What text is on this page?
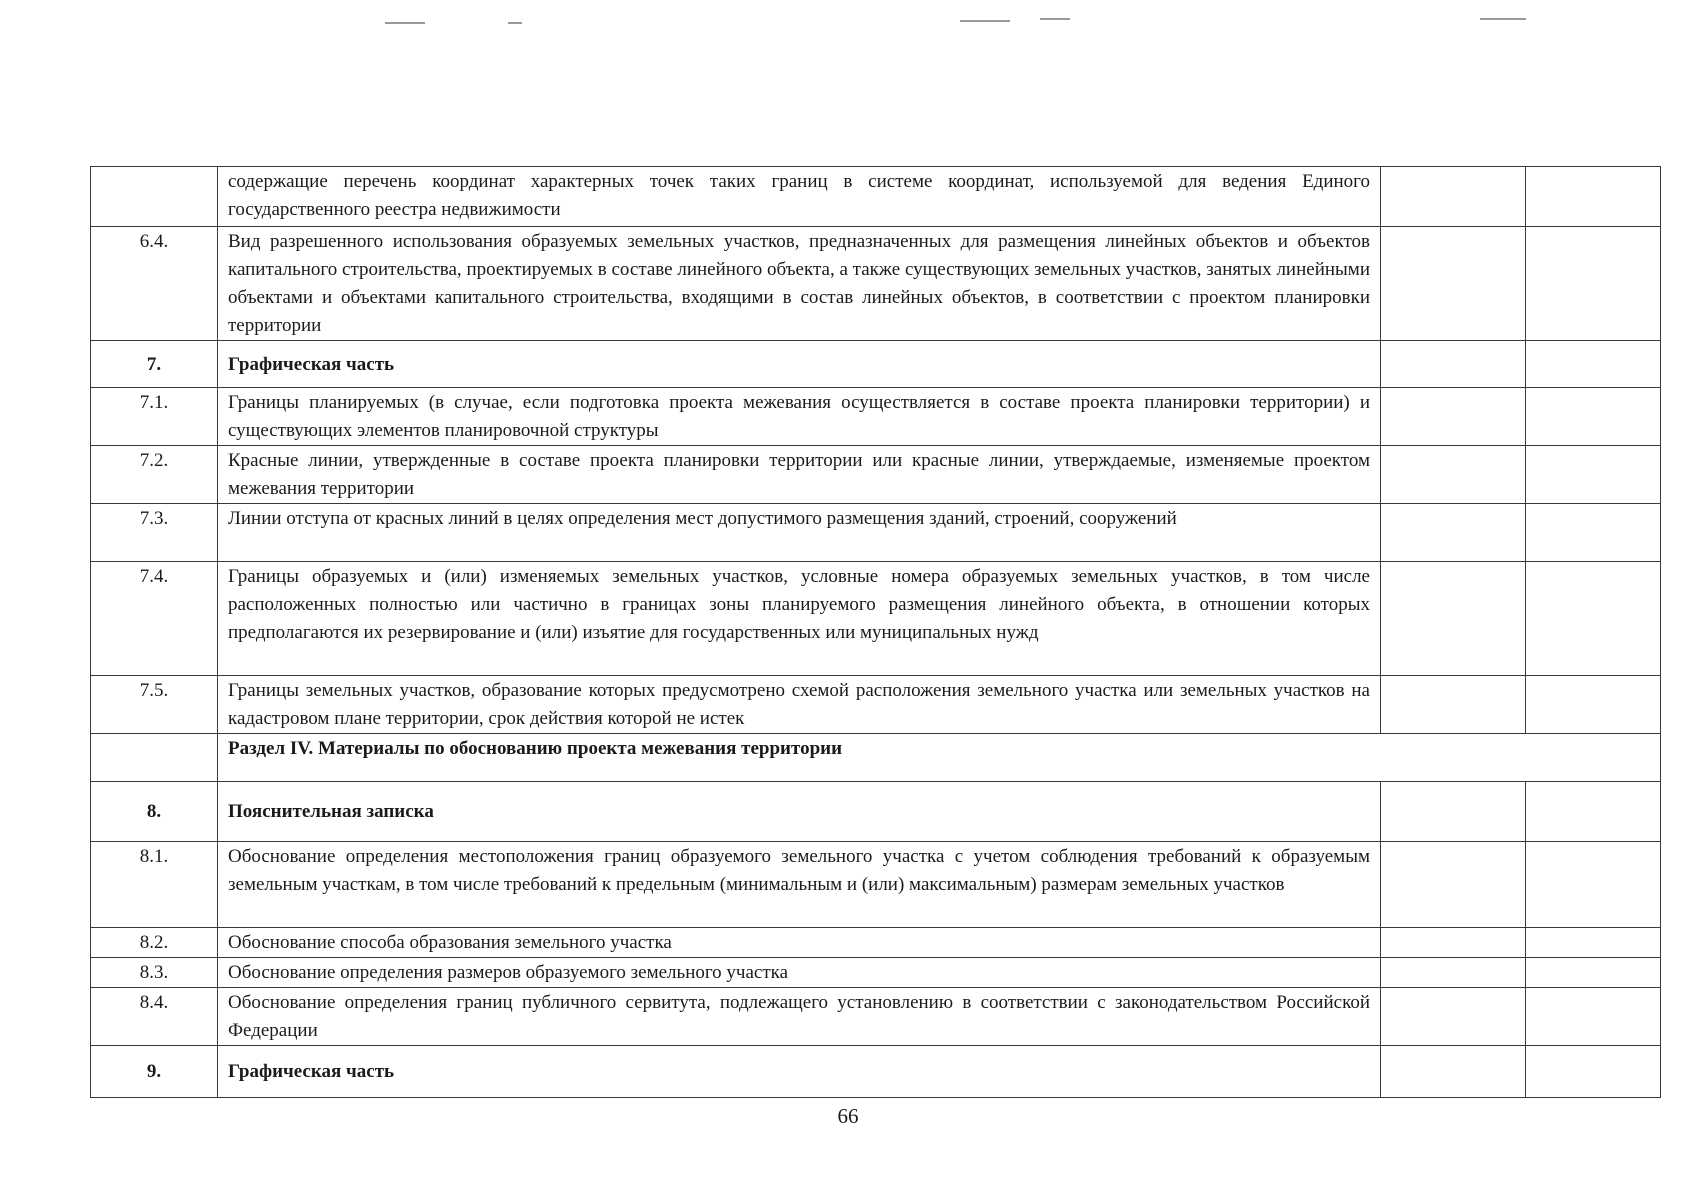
	содержащие перечень координат характерных точек таких границ в системе координат, используемой для ведения Единого государственного реестра недвижимости		
6.4.	Вид разрешенного использования образуемых земельных участков, предназначенных для размещения линейных объектов и объектов капитального строительства, проектируемых в составе линейного объекта, а также существующих земельных участков, занятых линейными объектами и объектами капитального строительства, входящими в состав линейных объектов, в соответствии с проектом планировки территории		
7.	Графическая часть		
7.1.	Границы планируемых (в случае, если подготовка проекта межевания осуществляется в составе проекта планировки территории) и существующих элементов планировочной структуры		
7.2.	Красные линии, утвержденные в составе проекта планировки территории или красные линии, утверждаемые, изменяемые проектом межевания территории		
7.3.	Линии отступа от красных линий в целях определения мест допустимого размещения зданий, строений, сооружений		
7.4.	Границы образуемых и (или) изменяемых земельных участков, условные номера образуемых земельных участков, в том числе расположенных полностью или частично в границах зоны планируемого размещения линейного объекта, в отношении которых предполагаются их резервирование и (или) изъятие для государственных или муниципальных нужд		
7.5.	Границы земельных участков, образование которых предусмотрено схемой расположения земельного участка или земельных участков на кадастровом плане территории, срок действия которой не истек		
	Раздел IV. Материалы по обоснованию проекта межевания территории		
8.	Пояснительная записка		
8.1.	Обоснование определения местоположения границ образуемого земельного участка с учетом соблюдения требований к образуемым земельным участкам, в том числе требований к предельным (минимальным и (или) максимальным) размерам земельных участков		
8.2.	Обоснование способа образования земельного участка		
8.3.	Обоснование определения размеров образуемого земельного участка		
8.4.	Обоснование определения границ публичного сервитута, подлежащего установлению в соответствии с законодательством Российской Федерации		
9.	Графическая часть		
66
